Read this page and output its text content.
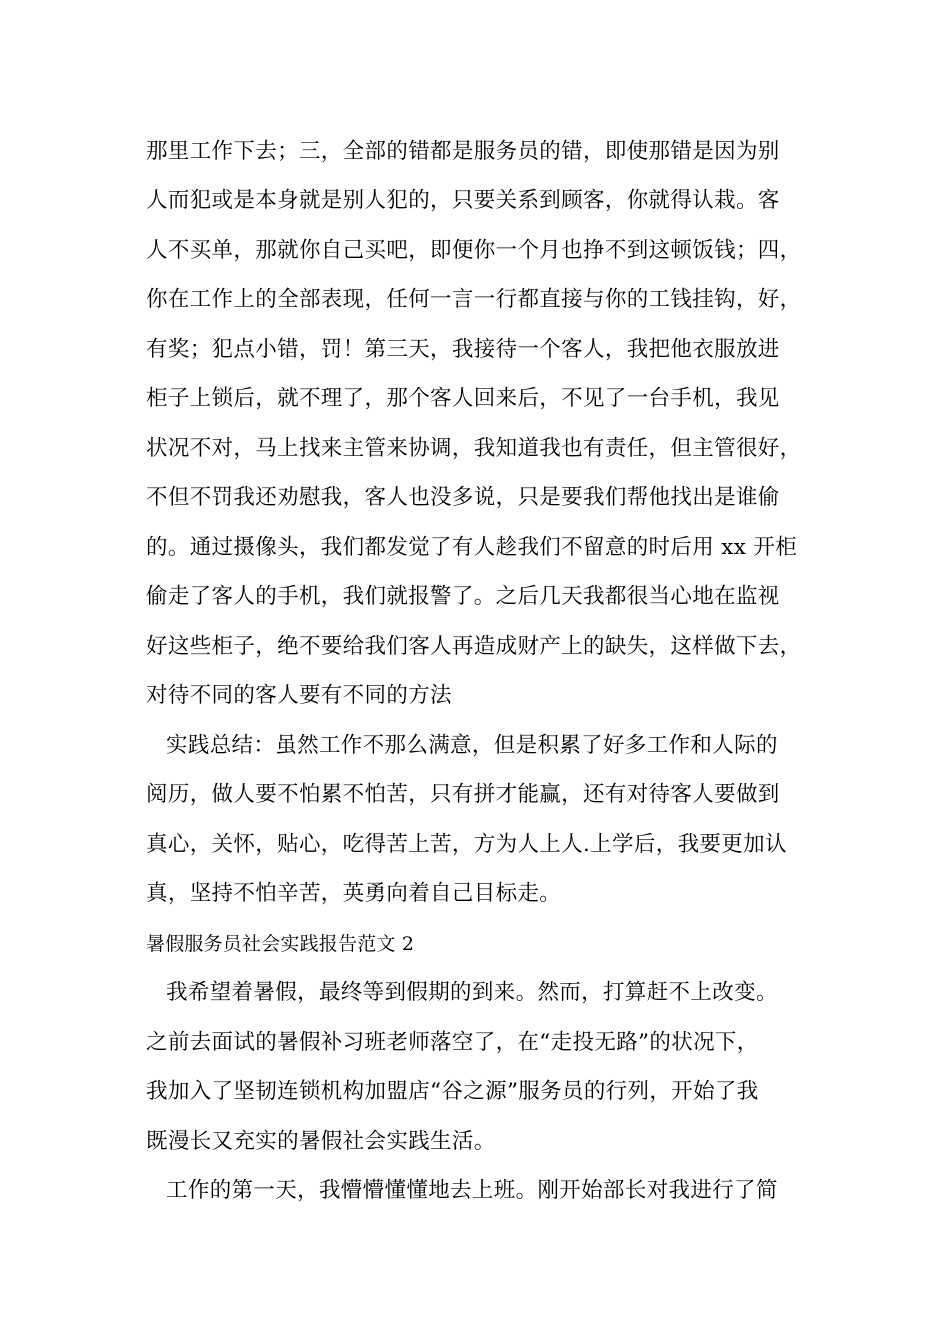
那里工作下去；三，全部的错都是服务员的错，即使那错是因为别
人而犯或是本身就是别人犯的，只要关系到顾客，你就得认栽。客
人不买单，那就你自己买吧，即便你一个月也挣不到这顿饭钱；四，
你在工作上的全部表现，任何一言一行都直接与你的工钱挂钩，好，
有奖；犯点小错，罚！第三天，我接待一个客人，我把他衣服放进
柜子上锁后，就不理了，那个客人回来后，不见了一台手机，我见
状况不对，马上找来主管来协调，我知道我也有责任，但主管很好，
不但不罚我还劝慰我，客人也没多说，只是要我们帮他找出是谁偷
的。通过摄像头，我们都发觉了有人趁我们不留意的时后用 xx 开柜
偷走了客人的手机，我们就报警了。之后几天我都很当心地在监视
好这些柜子，绝不要给我们客人再造成财产上的缺失，这样做下去，
对待不同的客人要有不同的方法
实践总结：虽然工作不那么满意，但是积累了好多工作和人际的
阅历，做人要不怕累不怕苦，只有拼才能赢，还有对待客人要做到
真心，关怀，贴心，吃得苦上苦，方为人上人.上学后，我要更加认
真，坚持不怕辛苦，英勇向着自己目标走。
暑假服务员社会实践报告范文 2
我希望着暑假，最终等到假期的到来。然而，打算赶不上改变。
之前去面试的暑假补习班老师落空了，在“走投无路”的状况下，
我加入了坚韧连锁机构加盟店“谷之源”服务员的行列，开始了我
既漫长又充实的暑假社会实践生活。
工作的第一天，我懵懵懂懂地去上班。刚开始部长对我进行了简
